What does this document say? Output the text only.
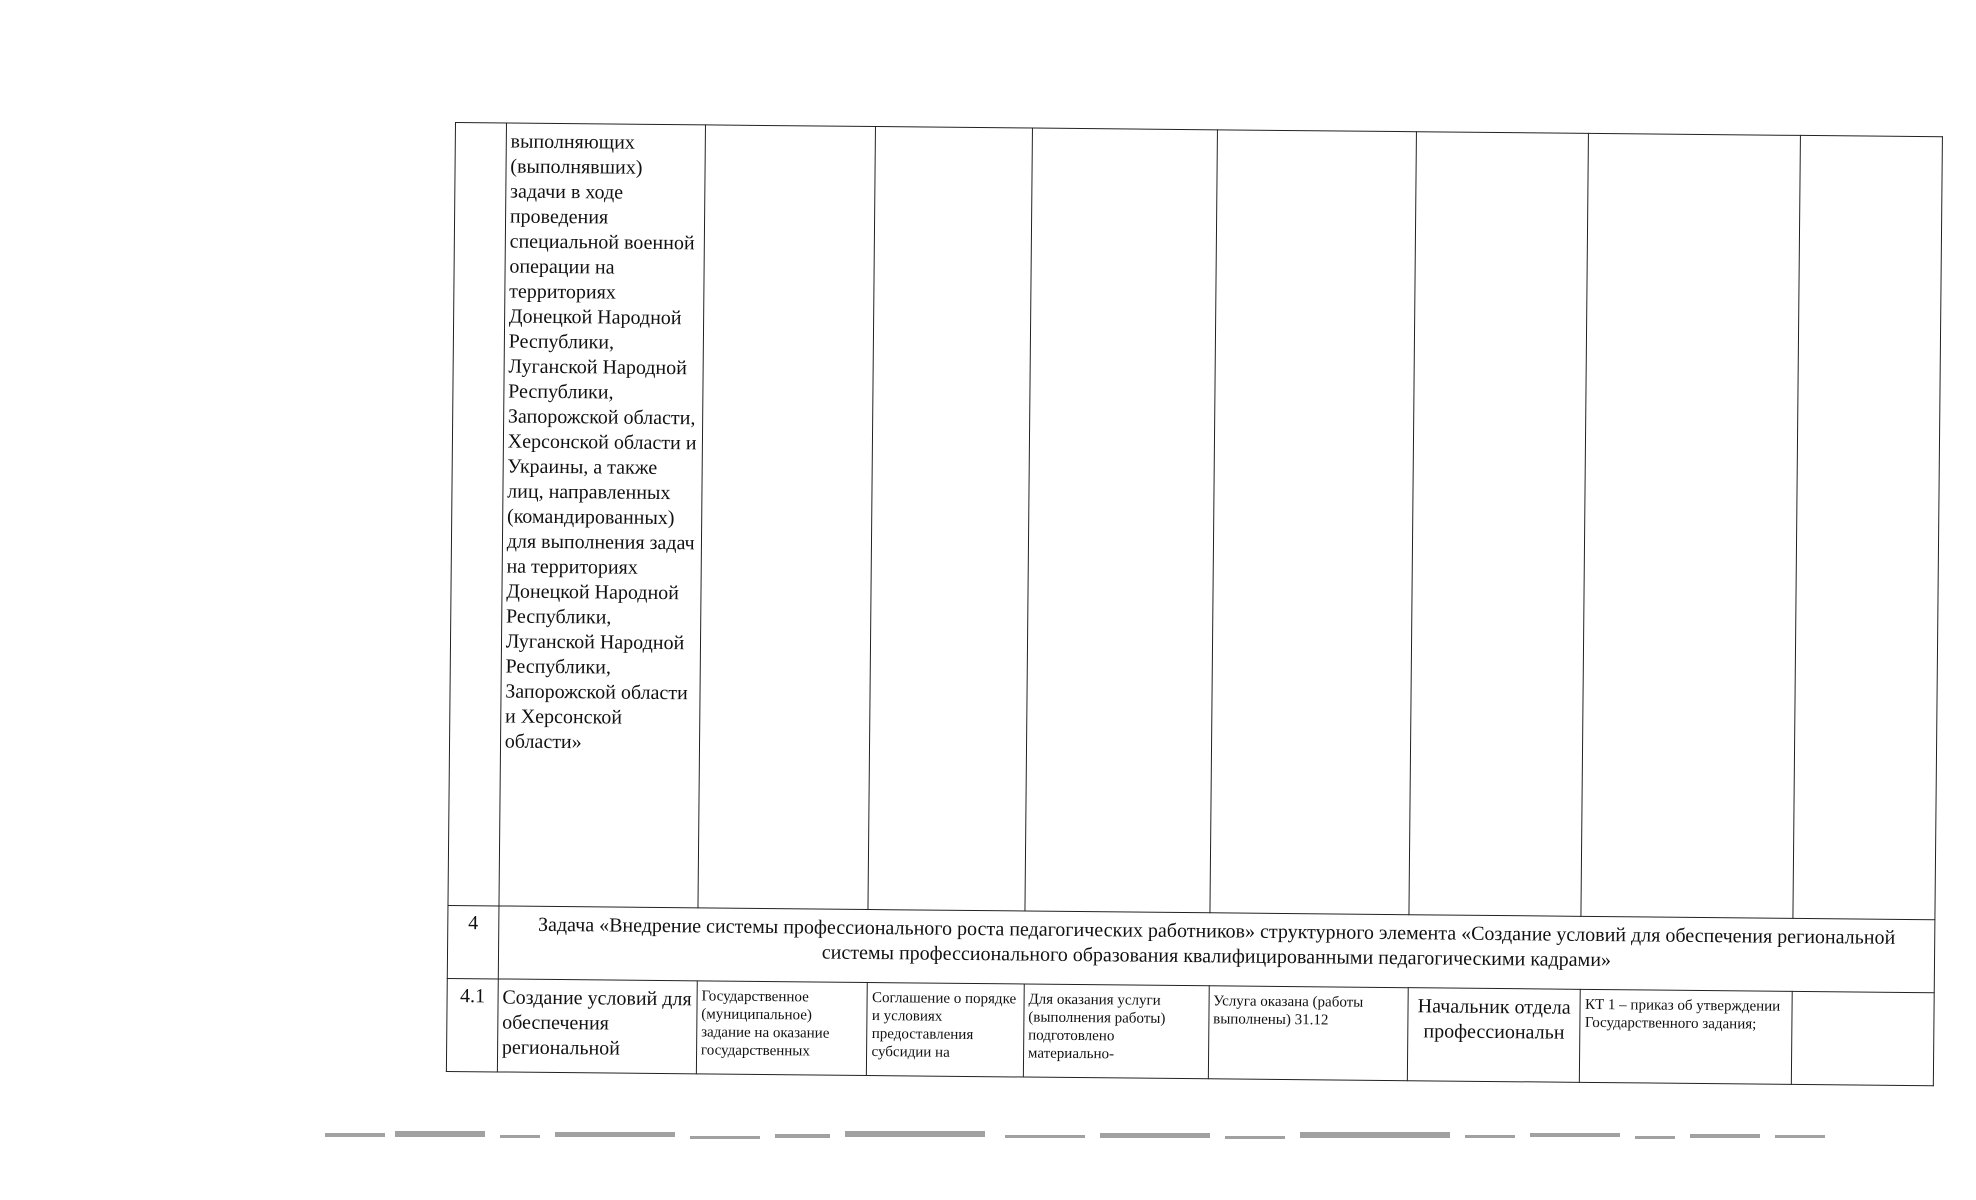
	выполняющих (выполнявших) задачи в ходе проведения специальной военной операции на территориях Донецкой Народной Республики, Луганской Народной Республики, Запорожской области, Херсонской области и Украины, а также лиц, направленных (командированных) для выполнения задач на территориях Донецкой Народной Республики, Луганской Народной Республики, Запорожской области и Херсонской области»							
4	Задача «Внедрение системы профессионального роста педагогических работников» структурного элемента «Создание условий для обеспечения региональной системы профессионального образования квалифицированными педагогическими кадрами»							
4.1	Создание условий для обеспечения региональной	Государственное (муниципальное) задание на оказание государственных	Соглашение о порядке и условиях предоставления субсидии на	Для оказания услуги (выполнения работы) подготовлено материально-	Услуга оказана (работы выполнены) 31.12	Начальник отдела профессиональн	КТ 1 – приказ об утверждении Государственного задания;	
